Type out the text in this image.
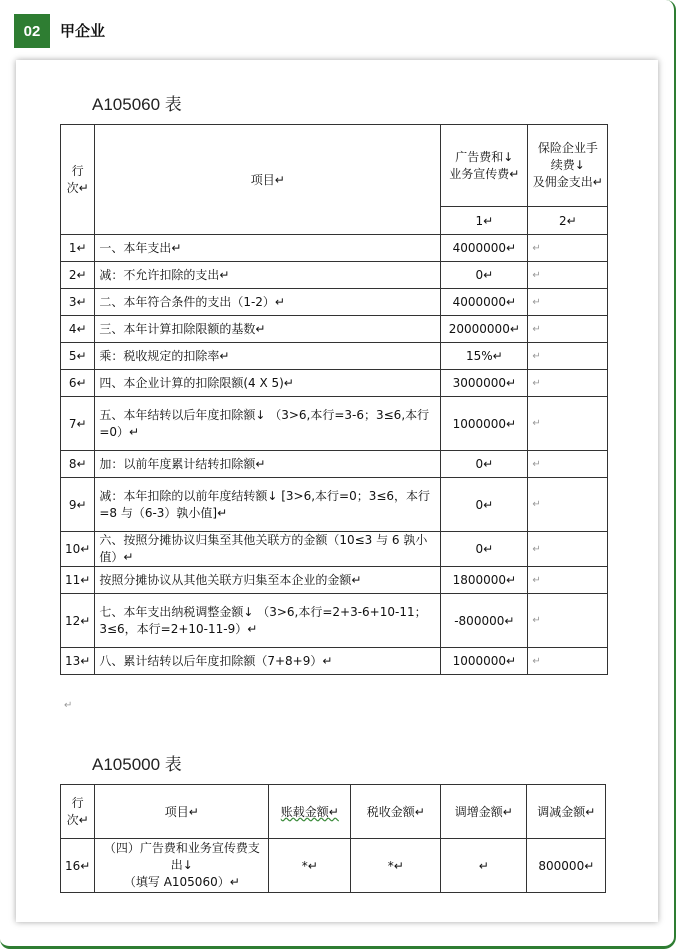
02	甲企业
A105060 表
行
次↵	项目↵	广告费和↓
业务宣传费↵	保险企业手
续费↓
及佣金支出↵
		1↵	2↵
1↵	一、本年支出↵	4000000↵	↵
2↵	减：不允许扣除的支出↵	0↵	↵
3↵	二、本年符合条件的支出（1-2）↵	4000000↵	↵
4↵	三、本年计算扣除限额的基数↵	20000000↵	↵
5↵	乘：税收规定的扣除率↵	15%↵	↵
6↵	四、本企业计算的扣除限额(4 X 5)↵	3000000↵	↵
7↵	五、本年结转以后年度扣除额↓ （3>6,本行=3-6；3≤6,本行=0）↵	1000000↵	↵
8↵	加：以前年度累计结转扣除额↵	0↵	↵
9↵	减：本年扣除的以前年度结转额↓ [3>6,本行=0；3≤6，本行=8 与（6-3）孰小值]↵	0↵	↵
10↵	六、按照分摊协议归集至其他关联方的金额（10≤3 与 6 孰小值）↵	0↵	↵
11↵	按照分摊协议从其他关联方归集至本企业的金额↵	1800000↵	↵
12↵	七、本年支出纳税调整金额↓ （3>6,本行=2+3-6+10-11；3≤6，本行=2+10-11-9）↵	-800000↵	↵
13↵	八、累计结转以后年度扣除额（7+8+9）↵	1000000↵	↵
↵
A105000 表
行
次↵	项目↵	账载金额↵	税收金额↵	调增金额↵	调减金额↵
16↵	（四）广告费和业务宣传费支出↓
（填写 A105060）↵	*↵	*↵	↵	800000↵
